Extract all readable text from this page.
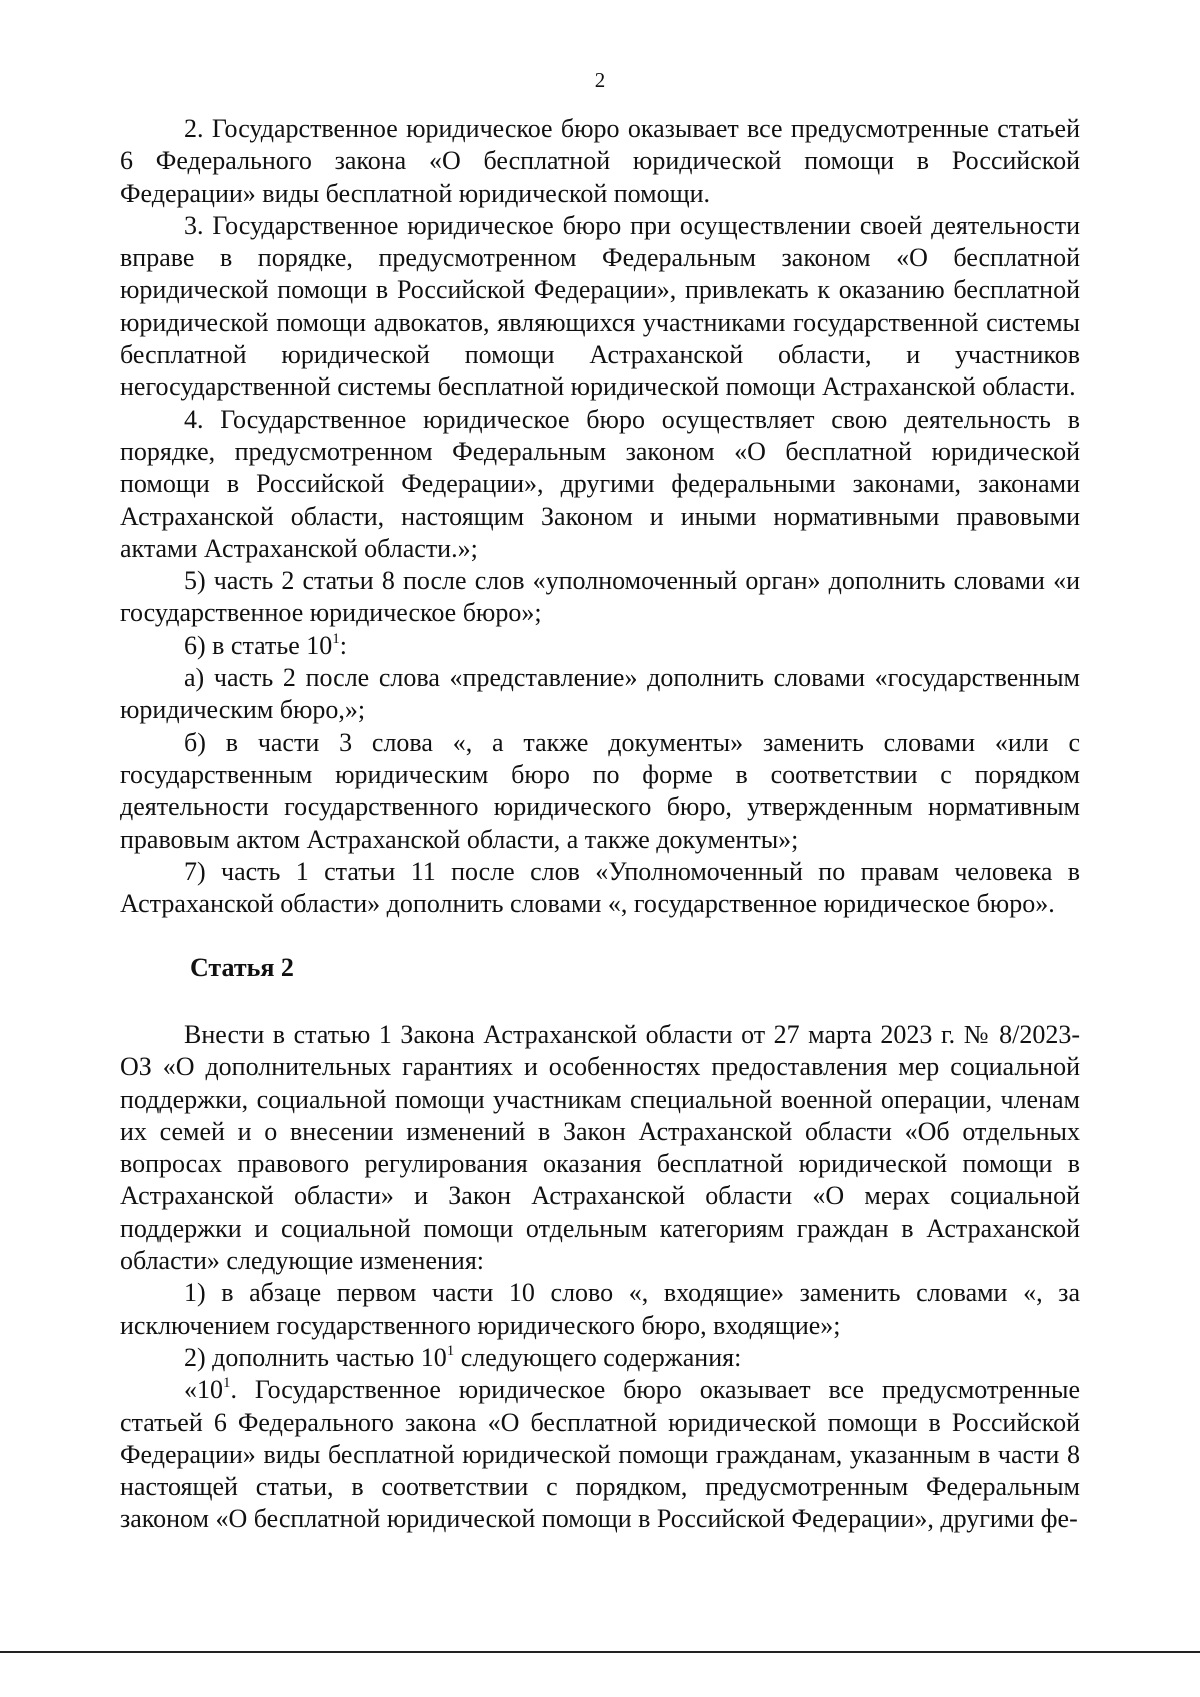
2

2. Государственное юридическое бюро оказывает все предусмотренные статьей 6 Федерального закона «О бесплатной юридической помощи в Российской Федерации» виды бесплатной юридической помощи.

3. Государственное юридическое бюро при осуществлении своей деятельности вправе в порядке, предусмотренном Федеральным законом «О бесплатной юридической помощи в Российской Федерации», привлекать к оказанию бесплатной юридической помощи адвокатов, являющихся участниками государственной системы бесплатной юридической помощи Астраханской области, и участников негосударственной системы бесплатной юридической помощи Астраханской области.

4. Государственное юридическое бюро осуществляет свою деятельность в порядке, предусмотренном Федеральным законом «О бесплатной юридической помощи в Российской Федерации», другими федеральными законами, законами Астраханской области, настоящим Законом и иными нормативными правовыми актами Астраханской области.»;

5) часть 2 статьи 8 после слов «уполномоченный орган» дополнить словами «и государственное юридическое бюро»;

6) в статье $10^1$:

а) часть 2 после слова «представление» дополнить словами «государственным юридическим бюро,»;

б) в части 3 слова «, а также документы» заменить словами «или с государственным юридическим бюро по форме в соответствии с порядком деятельности государственного юридического бюро, утвержденным нормативным правовым актом Астраханской области, а также документы»;

7) часть 1 статьи 11 после слов «Уполномоченный по правам человека в Астраханской области» дополнить словами «, государственное юридическое бюро».

Статья 2

Внести в статью 1 Закона Астраханской области от 27 марта 2023 г. № 8/2023-ОЗ «О дополнительных гарантиях и особенностях предоставления мер социальной поддержки, социальной помощи участникам специальной военной операции, членам их семей и о внесении изменений в Закон Астраханской области «Об отдельных вопросах правового регулирования оказания бесплатной юридической помощи в Астраханской области» и Закон Астраханской области «О мерах социальной поддержки и социальной помощи отдельным категориям граждан в Астраханской области» следующие изменения:

1) в абзаце первом части 10 слово «, входящие» заменить словами «, за исключением государственного юридического бюро, входящие»;

2) дополнить частью $10^1$ следующего содержания:

«$10^1$. Государственное юридическое бюро оказывает все предусмотренные статьей 6 Федерального закона «О бесплатной юридической помощи в Российской Федерации» виды бесплатной юридической помощи гражданам, указанным в части 8 настоящей статьи, в соответствии с порядком, предусмотренным Федеральным законом «О бесплатной юридической помощи в Российской Федерации», другими фе-
